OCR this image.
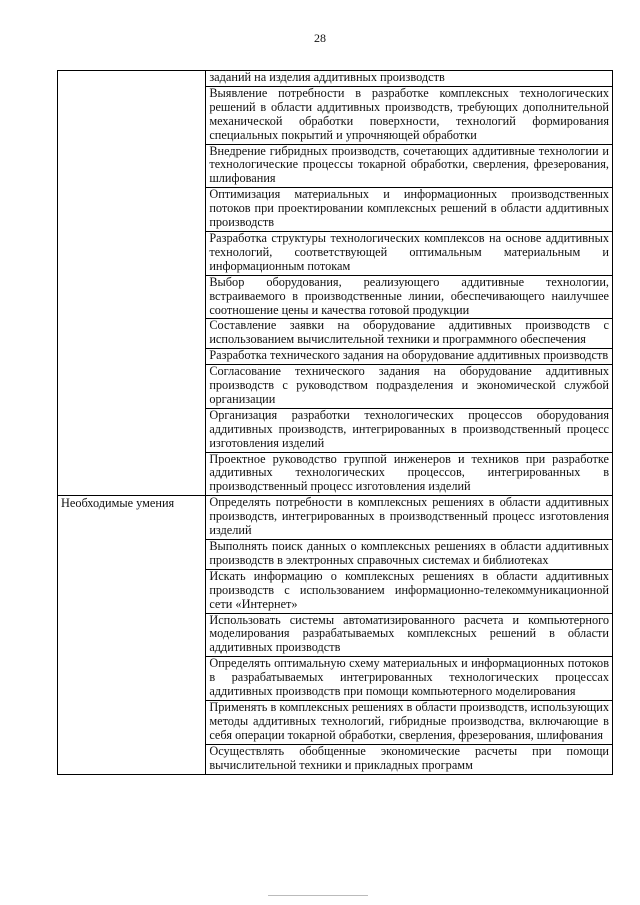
28
	заданий на изделия аддитивных производств
	Выявление потребности в разработке комплексных технологических решений в области аддитивных производств, требующих дополнительной механической обработки поверхности, технологий формирования специальных покрытий и упрочняющей обработки
	Внедрение гибридных производств, сочетающих аддитивные технологии и технологические процессы токарной обработки, сверления, фрезерования, шлифования
	Оптимизация материальных и информационных производственных потоков при проектировании комплексных решений в области аддитивных производств
	Разработка структуры технологических комплексов на основе аддитивных технологий, соответствующей оптимальным материальным и информационным потокам
	Выбор оборудования, реализующего аддитивные технологии, встраиваемого в производственные линии, обеспечивающего наилучшее соотношение цены и качества готовой продукции
	Составление заявки на оборудование аддитивных производств с использованием вычислительной техники и программного обеспечения
	Разработка технического задания на оборудование аддитивных производств
	Согласование технического задания на оборудование аддитивных производств с руководством подразделения и экономической службой организации
	Организация разработки технологических процессов оборудования аддитивных производств, интегрированных в производственный процесс изготовления изделий
	Проектное руководство группой инженеров и техников при разработке аддитивных технологических процессов, интегрированных в производственный процесс изготовления изделий

Необходимые умения	Определять потребности в комплексных решениях в области аддитивных производств, интегрированных в производственный процесс изготовления изделий
	Выполнять поиск данных о комплексных решениях в области аддитивных производств в электронных справочных системах и библиотеках
	Искать информацию о комплексных решениях в области аддитивных производств с использованием информационно-телекоммуникационной сети «Интернет»
	Использовать системы автоматизированного расчета и компьютерного моделирования разрабатываемых комплексных решений в области аддитивных производств
	Определять оптимальную схему материальных и информационных потоков в разрабатываемых интегрированных технологических процессах аддитивных производств при помощи компьютерного моделирования
	Применять в комплексных решениях в области производств, использующих методы аддитивных технологий, гибридные производства, включающие в себя операции токарной обработки, сверления, фрезерования, шлифования
	Осуществлять обобщенные экономические расчеты при помощи вычислительной техники и прикладных программ
